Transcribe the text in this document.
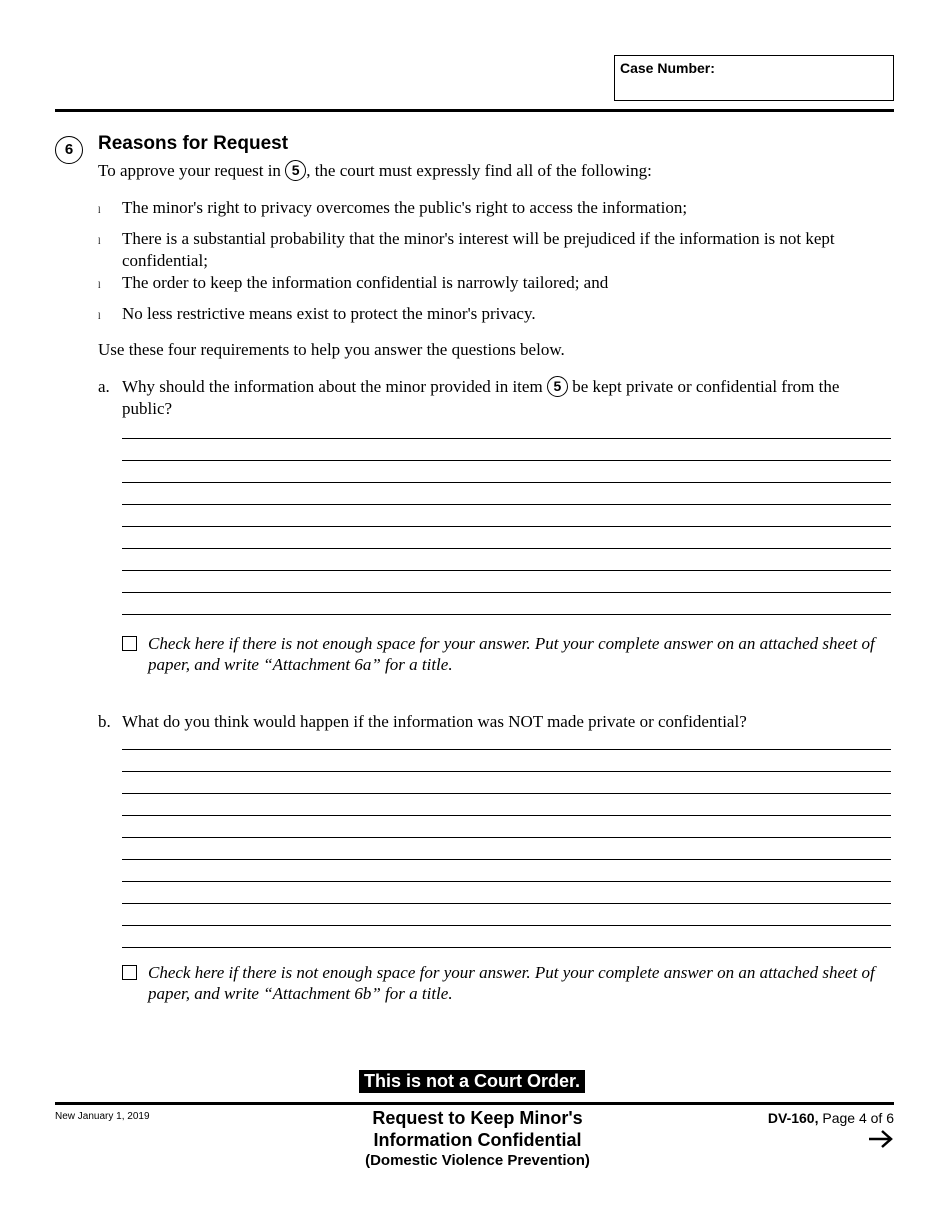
Case Number:
6	Reasons for Request
To approve your request in 5 , the court must expressly find all of the following:
l The minor's right to privacy overcomes the public's right to access the information;
l There is a substantial probability that the minor's interest will be prejudiced if the information is not kept confidential;
l The order to keep the information confidential is narrowly tailored; and
l No less restrictive means exist to protect the minor's privacy.
Use these four requirements to help you answer the questions below.
a. Why should the information about the minor provided in item 5 be kept private or confidential from the public?
Check here if there is not enough space for your answer. Put your complete answer on an attached sheet of paper, and write “Attachment 6a” for a title.
b. What do you think would happen if the information was NOT made private or confidential?
Check here if there is not enough space for your answer. Put your complete answer on an attached sheet of paper, and write “Attachment 6b” for a title.
This is not a Court Order.
New January 1, 2019	Request to Keep Minor's
Information Confidential
(Domestic Violence Prevention)
DV-160, Page 4 of 6
